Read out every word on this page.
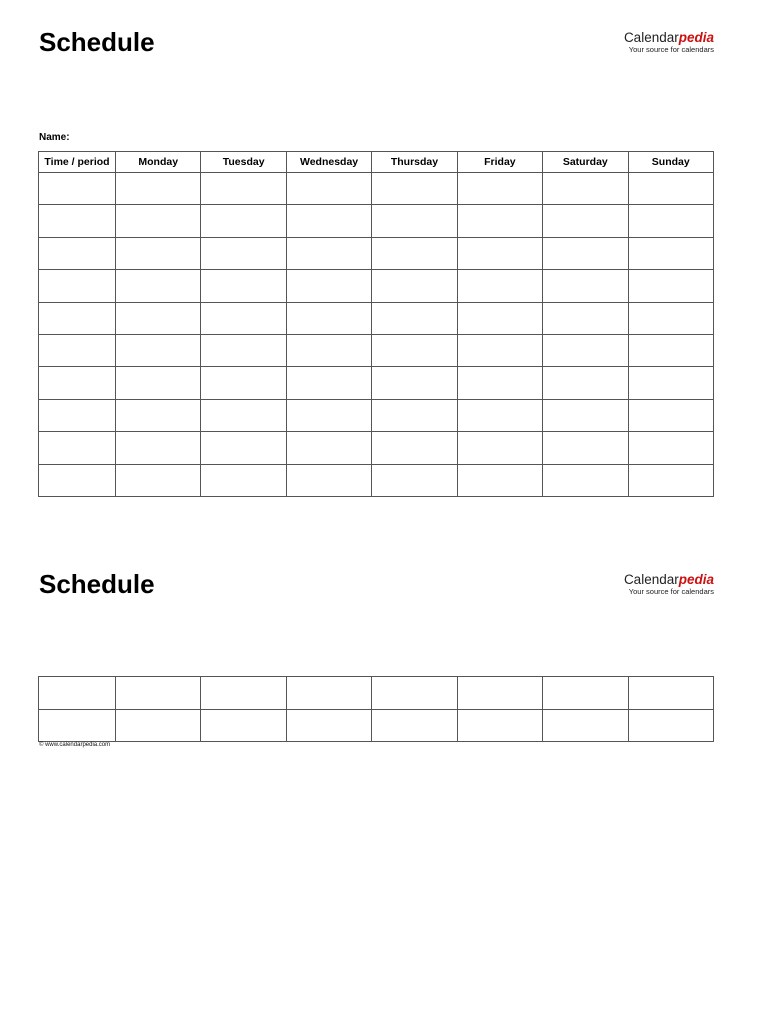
Schedule	Calendarpedia
Your source for calendars
Name:
Time / period	Monday	Tuesday	Wednesday	Thursday	Friday	Saturday	Sunday

Schedule	Calendarpedia
Your source for calendars

© www.calendarpedia.com
